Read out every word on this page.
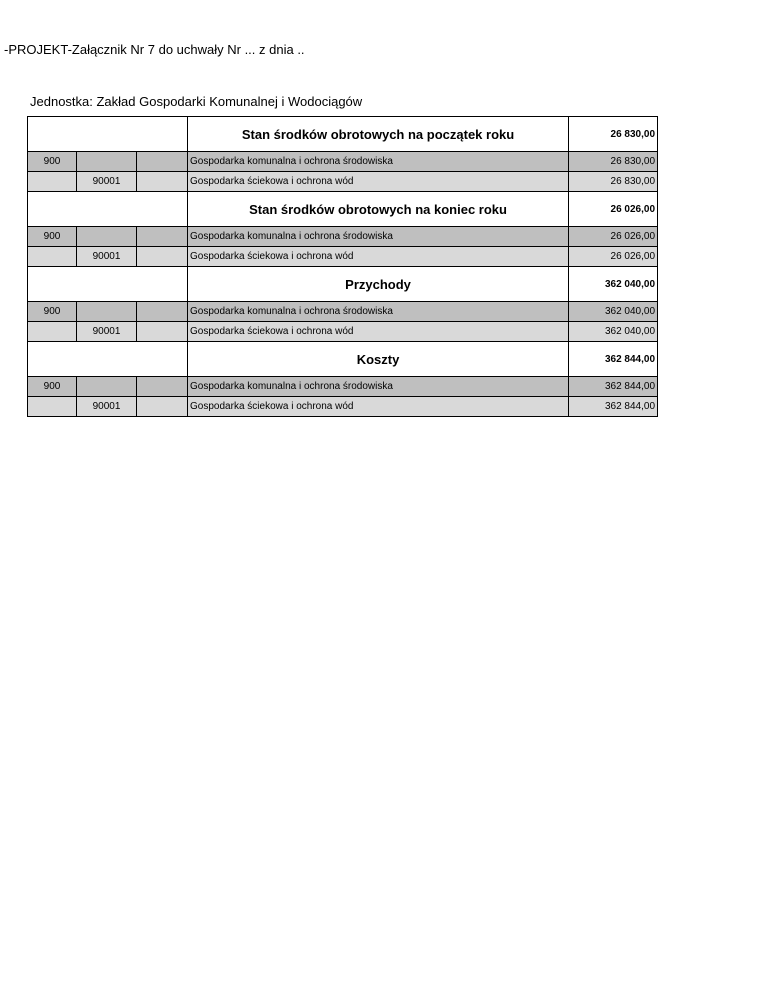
-PROJEKT-Załącznik Nr 7 do uchwały Nr ... z dnia ..
Jednostka: Zakład Gospodarki Komunalnej i Wodociągów
			Stan środków obrotowych na początek roku	26 830,00
900			Gospodarka komunalna i ochrona środowiska	26 830,00
	90001		Gospodarka ściekowa i ochrona wód	26 830,00
			Stan środków obrotowych na koniec roku	26 026,00
900			Gospodarka komunalna i ochrona środowiska	26 026,00
	90001		Gospodarka ściekowa i ochrona wód	26 026,00
			Przychody	362 040,00
900			Gospodarka komunalna i ochrona środowiska	362 040,00
	90001		Gospodarka ściekowa i ochrona wód	362 040,00
			Koszty	362 844,00
900			Gospodarka komunalna i ochrona środowiska	362 844,00
	90001		Gospodarka ściekowa i ochrona wód	362 844,00
